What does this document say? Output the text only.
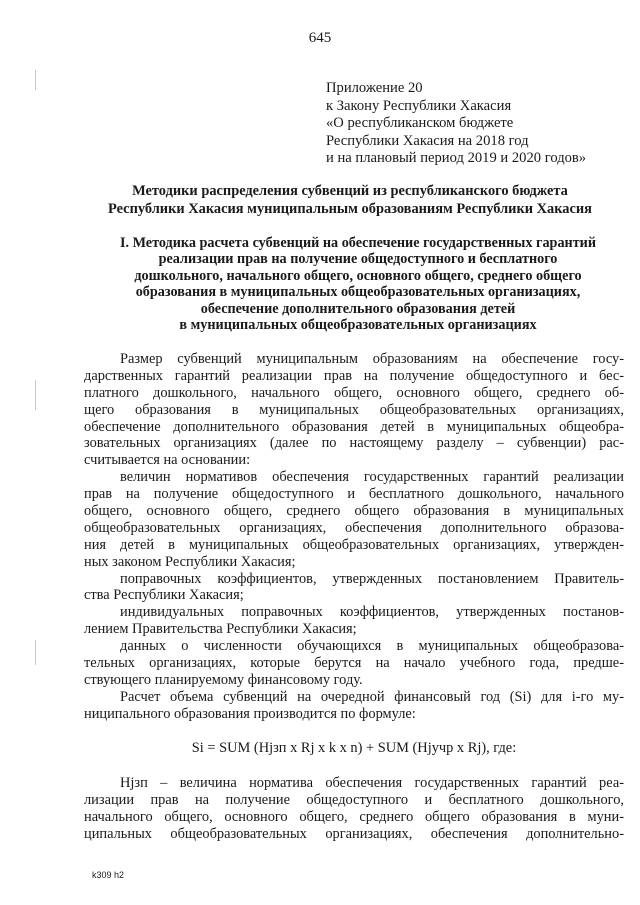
645
Приложение 20
к Закону Республики Хакасия
«О республиканском бюджете
Республики Хакасия на 2018 год
и на плановый период 2019 и 2020 годов»
Методики распределения субвенций из республиканского бюджета
Республики Хакасия муниципальным образованиям Республики Хакасия
I. Методика расчета субвенций на обеспечение государственных гарантий
реализации прав на получение общедоступного и бесплатного
дошкольного, начального общего, основного общего, среднего общего
образования в муниципальных общеобразовательных организациях,
обеспечение дополнительного образования детей
в муниципальных общеобразовательных организациях
Размер субвенций муниципальным образованиям на обеспечение госу-
дарственных гарантий реализации прав на получение общедоступного и бес-
платного дошкольного, начального общего, основного общего, среднего об-
щего образования в муниципальных общеобразовательных организациях,
обеспечение дополнительного образования детей в муниципальных общеобра-
зовательных организациях (далее по настоящему разделу – субвенции) рас-
считывается на основании:
величин нормативов обеспечения государственных гарантий реализации
прав на получение общедоступного и бесплатного дошкольного, начального
общего, основного общего, среднего общего образования в муниципальных
общеобразовательных организациях, обеспечения дополнительного образова-
ния детей в муниципальных общеобразовательных организациях, утвержден-
ных законом Республики Хакасия;
поправочных коэффициентов, утвержденных постановлением Правитель-
ства Республики Хакасия;
индивидуальных поправочных коэффициентов, утвержденных постанов-
лением Правительства Республики Хакасия;
данных о численности обучающихся в муниципальных общеобразова-
тельных организациях, которые берутся на начало учебного года, предше-
ствующего планируемому финансовому году.
Расчет объема субвенций на очередной финансовый год (Si) для i-го му-
ниципального образования производится по формуле:
Si = SUM (Hjзп x Rj x k x n) + SUM (Hjучр x Rj), где:
Hjзп – величина норматива обеспечения государственных гарантий реа-
лизации прав на получение общедоступного и бесплатного дошкольного,
начального общего, основного общего, среднего общего образования в муни-
ципальных общеобразовательных организациях, обеспечения дополнительно-
k309 h2
